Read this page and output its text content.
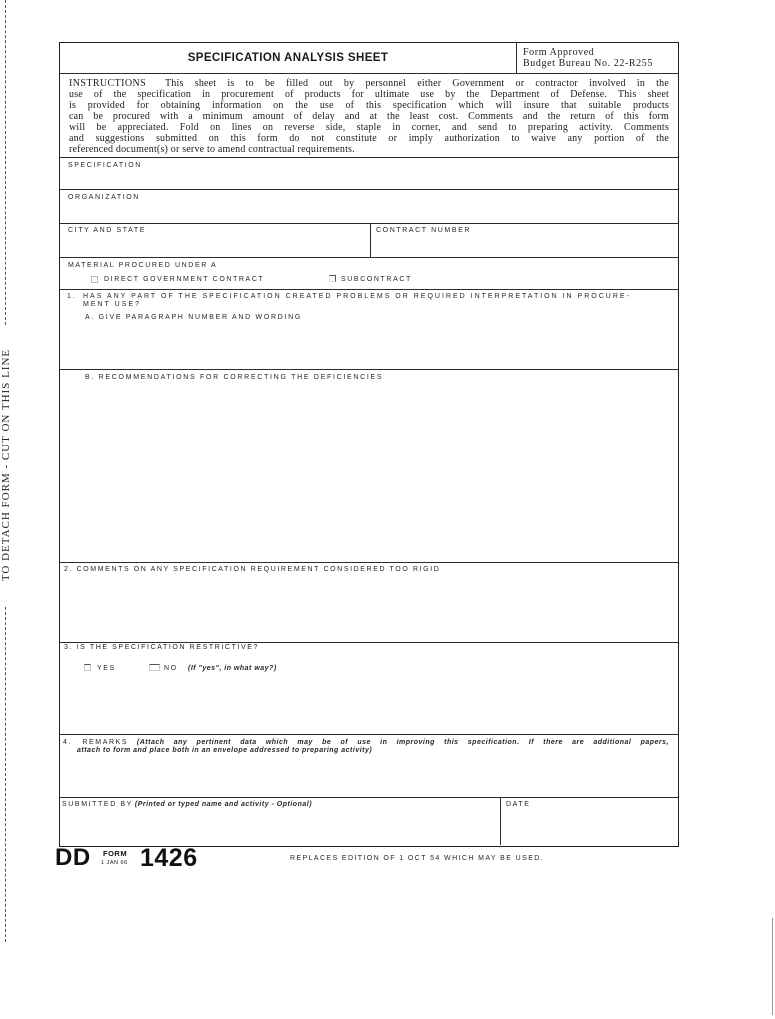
TO DETACH FORM - CUT ON THIS LINE
SPECIFICATION ANALYSIS SHEET	Form Approved
Budget Bureau No. 22-R255
INSTRUCTIONS This sheet is to be filled out by personnel either Government or contractor involved in the
use of the specification in procurement of products for ultimate use by the Department of Defense. This sheet
is provided for obtaining information on the use of this specification which will insure that suitable products
can be procured with a minimum amount of delay and at the least cost. Comments and the return of this form
will be appreciated. Fold on lines on reverse side, staple in corner, and send to preparing activity. Comments
and suggestions submitted on this form do not constitute or imply authorization to waive any portion of the
referenced document(s) or serve to amend contractual requirements.
SPECIFICATION
ORGANIZATION
CITY AND STATE	CONTRACT NUMBER
MATERIAL PROCURED UNDER A
DIRECT GOVERNMENT CONTRACT	SUBCONTRACT
1. HAS ANY PART OF THE SPECIFICATION CREATED PROBLEMS OR REQUIRED INTERPRETATION IN PROCURE-
MENT USE?
A. GIVE PARAGRAPH NUMBER AND WORDING
B. RECOMMENDATIONS FOR CORRECTING THE DEFICIENCIES
2. COMMENTS ON ANY SPECIFICATION REQUIREMENT CONSIDERED TOO RIGID
3. IS THE SPECIFICATION RESTRICTIVE?
YES	NO (If "yes", in what way?)
4. REMARKS (Attach any pertinent data which may be of use in improving this specification. If there are additional papers,
attach to form and place both in an envelope addressed to preparing activity)
SUBMITTED BY (Printed or typed name and activity - Optional)	DATE
DD FORM
1 JAN 66 1426	REPLACES EDITION OF 1 OCT 54 WHICH MAY BE USED.
